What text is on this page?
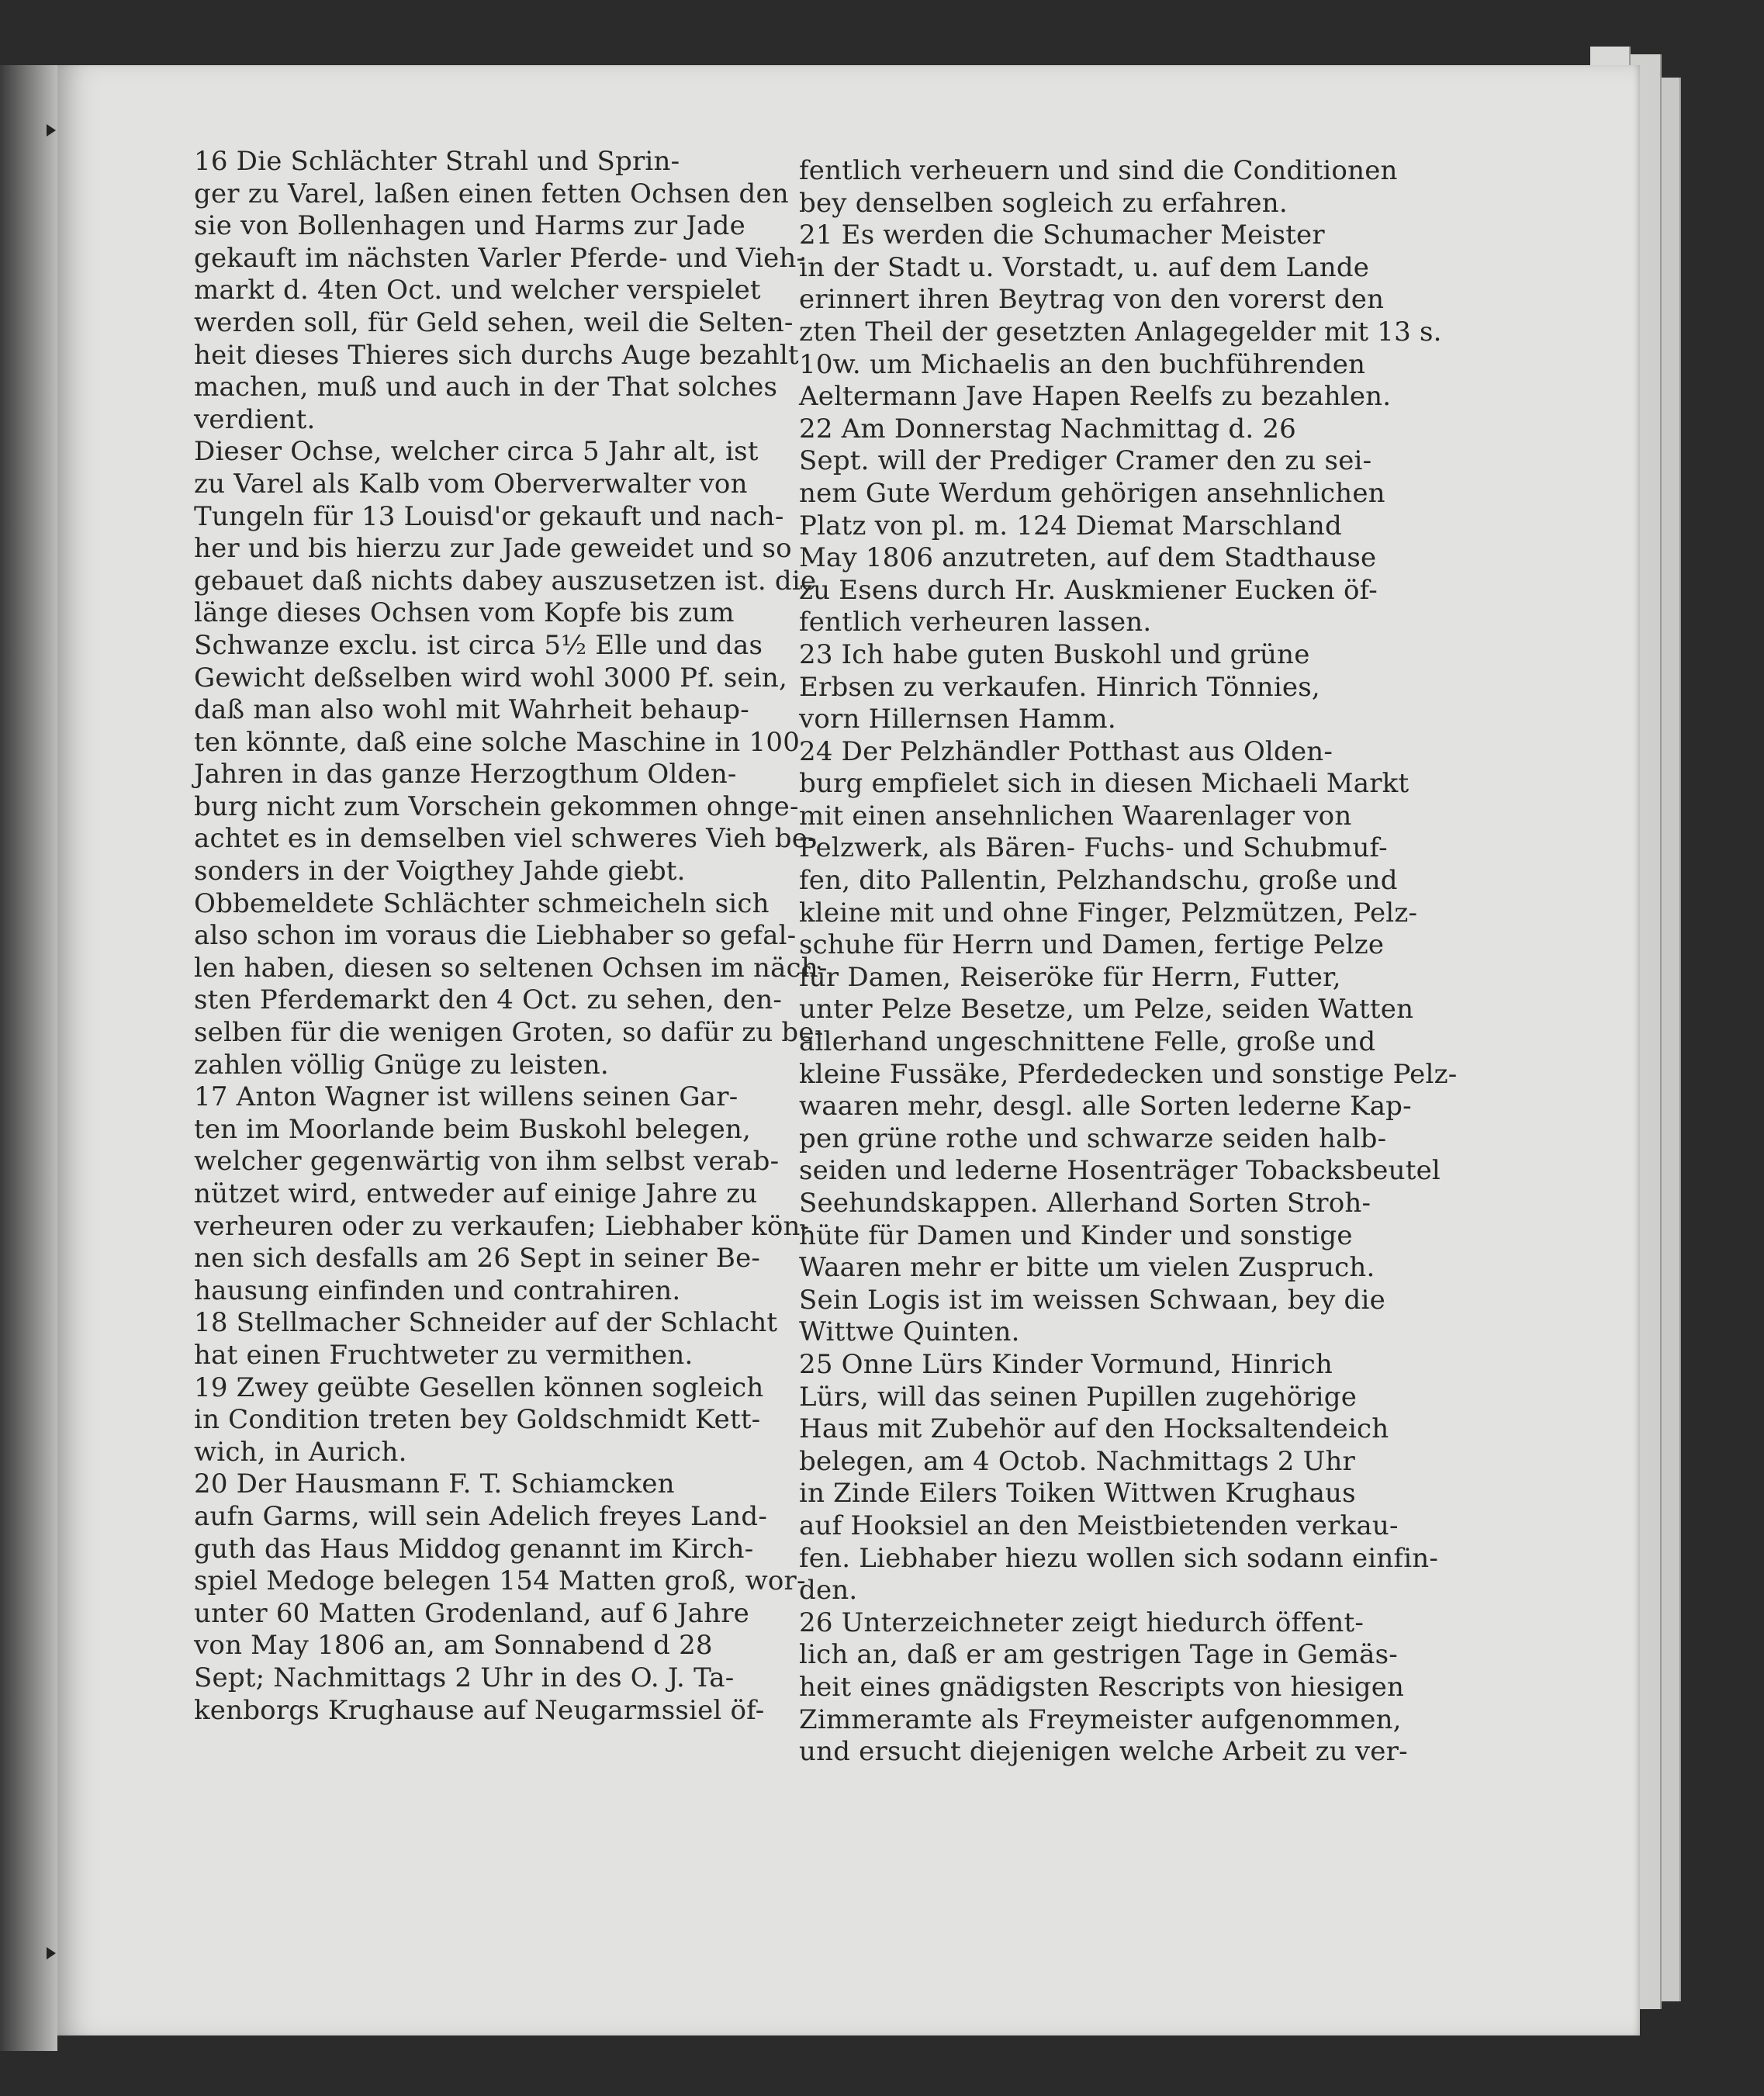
16 Die Schlächter Strahl und Sprin-
ger zu Varel, laßen einen fetten Ochsen den
sie von Bollenhagen und Harms zur Jade
gekauft im nächsten Varler Pferde- und Vieh-
markt d. 4ten Oct. und welcher verspielet
werden soll, für Geld sehen, weil die Selten-
heit dieses Thieres sich durchs Auge bezahlt
machen, muß und auch in der That solches
verdient.
Dieser Ochse, welcher circa 5 Jahr alt, ist
zu Varel als Kalb vom Oberverwalter von
Tungeln für 13 Louisd'or gekauft und nach-
her und bis hierzu zur Jade geweidet und so
gebauet daß nichts dabey auszusetzen ist. die
länge dieses Ochsen vom Kopfe bis zum
Schwanze exclu. ist circa 5½ Elle und das
Gewicht deßselben wird wohl 3000 Pf. sein,
daß man also wohl mit Wahrheit behaup-
ten könnte, daß eine solche Maschine in 100
Jahren in das ganze Herzogthum Olden-
burg nicht zum Vorschein gekommen ohnge-
achtet es in demselben viel schweres Vieh be-
sonders in der Voigthey Jahde giebt.
Obbemeldete Schlächter schmeicheln sich
also schon im voraus die Liebhaber so gefal-
len haben, diesen so seltenen Ochsen im näch-
sten Pferdemarkt den 4 Oct. zu sehen, den-
selben für die wenigen Groten, so dafür zu be-
zahlen völlig Gnüge zu leisten.
17 Anton Wagner ist willens seinen Gar-
ten im Moorlande beim Buskohl belegen,
welcher gegenwärtig von ihm selbst verab-
nützet wird, entweder auf einige Jahre zu
verheuren oder zu verkaufen; Liebhaber kön-
nen sich desfalls am 26 Sept in seiner Be-
hausung einfinden und contrahiren.
18 Stellmacher Schneider auf der Schlacht
hat einen Fruchtweter zu vermithen.
19 Zwey geübte Gesellen können sogleich
in Condition treten bey Goldschmidt Kett-
wich, in Aurich.
20 Der Hausmann F. T. Schiamcken
aufn Garms, will sein Adelich freyes Land-
guth das Haus Middog genannt im Kirch-
spiel Medoge belegen 154 Matten groß, wor-
unter 60 Matten Grodenland, auf 6 Jahre
von May 1806 an, am Sonnabend d 28
Sept; Nachmittags 2 Uhr in des O. J. Ta-
kenborgs Krughause auf Neugarmssiel öf-
fentlich verheuern und sind die Conditionen
bey denselben sogleich zu erfahren.
21 Es werden die Schumacher Meister
in der Stadt u. Vorstadt, u. auf dem Lande
erinnert ihren Beytrag von den vorerst den
zten Theil der gesetzten Anlagegelder mit 13 s.
10w. um Michaelis an den buchführenden
Aeltermann Jave Hapen Reelfs zu bezahlen.
22 Am Donnerstag Nachmittag d. 26
Sept. will der Prediger Cramer den zu sei-
nem Gute Werdum gehörigen ansehnlichen
Platz von pl. m. 124 Diemat Marschland
May 1806 anzutreten, auf dem Stadthause
zu Esens durch Hr. Auskmiener Eucken öf-
fentlich verheuren lassen.
23 Ich habe guten Buskohl und grüne
Erbsen zu verkaufen. Hinrich Tönnies,
vorn Hillernsen Hamm.
24 Der Pelzhändler Potthast aus Olden-
burg empfielet sich in diesen Michaeli Markt
mit einen ansehnlichen Waarenlager von
Pelzwerk, als Bären- Fuchs- und Schubmuf-
fen, dito Pallentin, Pelzhandschu, große und
kleine mit und ohne Finger, Pelzmützen, Pelz-
schuhe für Herrn und Damen, fertige Pelze
für Damen, Reiseröke für Herrn, Futter,
unter Pelze Besetze, um Pelze, seiden Watten
allerhand ungeschnittene Felle, große und
kleine Fussäke, Pferdedecken und sonstige Pelz-
waaren mehr, desgl. alle Sorten lederne Kap-
pen grüne rothe und schwarze seiden halb-
seiden und lederne Hosenträger Tobacksbeutel
Seehundskappen. Allerhand Sorten Stroh-
hüte für Damen und Kinder und sonstige
Waaren mehr er bitte um vielen Zuspruch.
Sein Logis ist im weissen Schwaan, bey die
Wittwe Quinten.
25 Onne Lürs Kinder Vormund, Hinrich
Lürs, will das seinen Pupillen zugehörige
Haus mit Zubehör auf den Hocksaltendeich
belegen, am 4 Octob. Nachmittags 2 Uhr
in Zinde Eilers Toiken Wittwen Krughaus
auf Hooksiel an den Meistbietenden verkau-
fen. Liebhaber hiezu wollen sich sodann einfin-
den.
26 Unterzeichneter zeigt hiedurch öffent-
lich an, daß er am gestrigen Tage in Gemäs-
heit eines gnädigsten Rescripts von hiesigen
Zimmeramte als Freymeister aufgenommen,
und ersucht diejenigen welche Arbeit zu ver-
